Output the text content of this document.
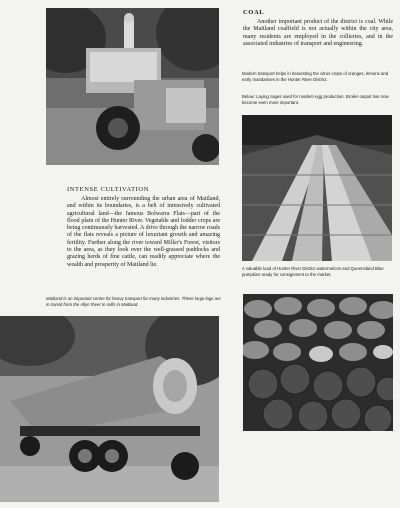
COAL
Another important product of the district is coal. While the Maitland coalfield is not actually within the city area, many residents are employed in the collieries, and in the associated industries of transport and engineering.
Modern transport helps in harvesting the citrus crops of oranges, lemons and early mandarines in the Hunter River District.
Below: Laying cages used for modern egg production. Broiler output has now become even more important.
A valuable load of Hunter River District watermelons and Queensland Blue pumpkins ready for consignment to the market.
INTENSE CULTIVATION
Almost entirely surrounding the urban area of Maitland, and within its boundaries, is a belt of intensively cultivated agricultural land—the famous Bolwarra Flats—part of the flood plain of the Hunter River. Vegetable and fodder crops are being continuously harvested. A drive through the narrow roads of the flats reveals a picture of luxuriant growth and amazing fertility. Further along the river toward Miller's Forest, visitors to the area, as they look over the well-grassed paddocks and grazing herds of fine cattle, can readily appreciate where the wealth and prosperity of Maitland lie.
Maitland is an important centre for heavy transport for many industries. These large logs are in transit from the Allyn River to mills in Maitland.
